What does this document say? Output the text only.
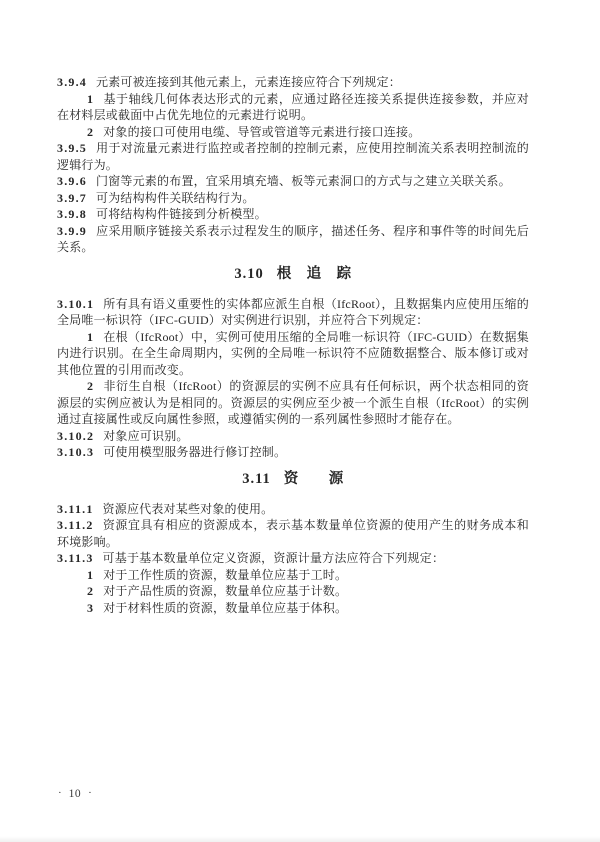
3.9.4 元素可被连接到其他元素上，元素连接应符合下列规定：

1 基于轴线几何体表达形式的元素，应通过路径连接关系提供连接参数，并应对在材料层或截面中占优先地位的元素进行说明。

2 对象的接口可使用电缆、导管或管道等元素进行接口连接。

3.9.5 用于对流量元素进行监控或者控制的控制元素，应使用控制流关系表明控制流的逻辑行为。

3.9.6 门窗等元素的布置，宜采用填充墙、板等元素洞口的方式与之建立关联关系。

3.9.7 可为结构构件关联结构行为。

3.9.8 可将结构构件链接到分析模型。

3.9.9 应采用顺序链接关系表示过程发生的顺序，描述任务、程序和事件等的时间先后关系。

3.10 根　追　踪

3.10.1 所有具有语义重要性的实体都应派生自根（IfcRoot），且数据集内应使用压缩的全局唯一标识符（IFC-GUID）对实例进行识别，并应符合下列规定：

1 在根（IfcRoot）中，实例可使用压缩的全局唯一标识符（IFC-GUID）在数据集内进行识别。在全生命周期内，实例的全局唯一标识符不应随数据整合、版本修订或对其他位置的引用而改变。

2 非衍生自根（IfcRoot）的资源层的实例不应具有任何标识，两个状态相同的资源层的实例应被认为是相同的。资源层的实例应至少被一个派生自根（IfcRoot）的实例通过直接属性或反向属性参照，或遵循实例的一系列属性参照时才能存在。

3.10.2 对象应可识别。

3.10.3 可使用模型服务器进行修订控制。

3.11 资　　源

3.11.1 资源应代表对某些对象的使用。

3.11.2 资源宜具有相应的资源成本，表示基本数量单位资源的使用产生的财务成本和环境影响。

3.11.3 可基于基本数量单位定义资源，资源计量方法应符合下列规定：

1 对于工作性质的资源，数量单位应基于工时。

2 对于产品性质的资源，数量单位应基于计数。

3 对于材料性质的资源，数量单位应基于体积。

· 10 ·
